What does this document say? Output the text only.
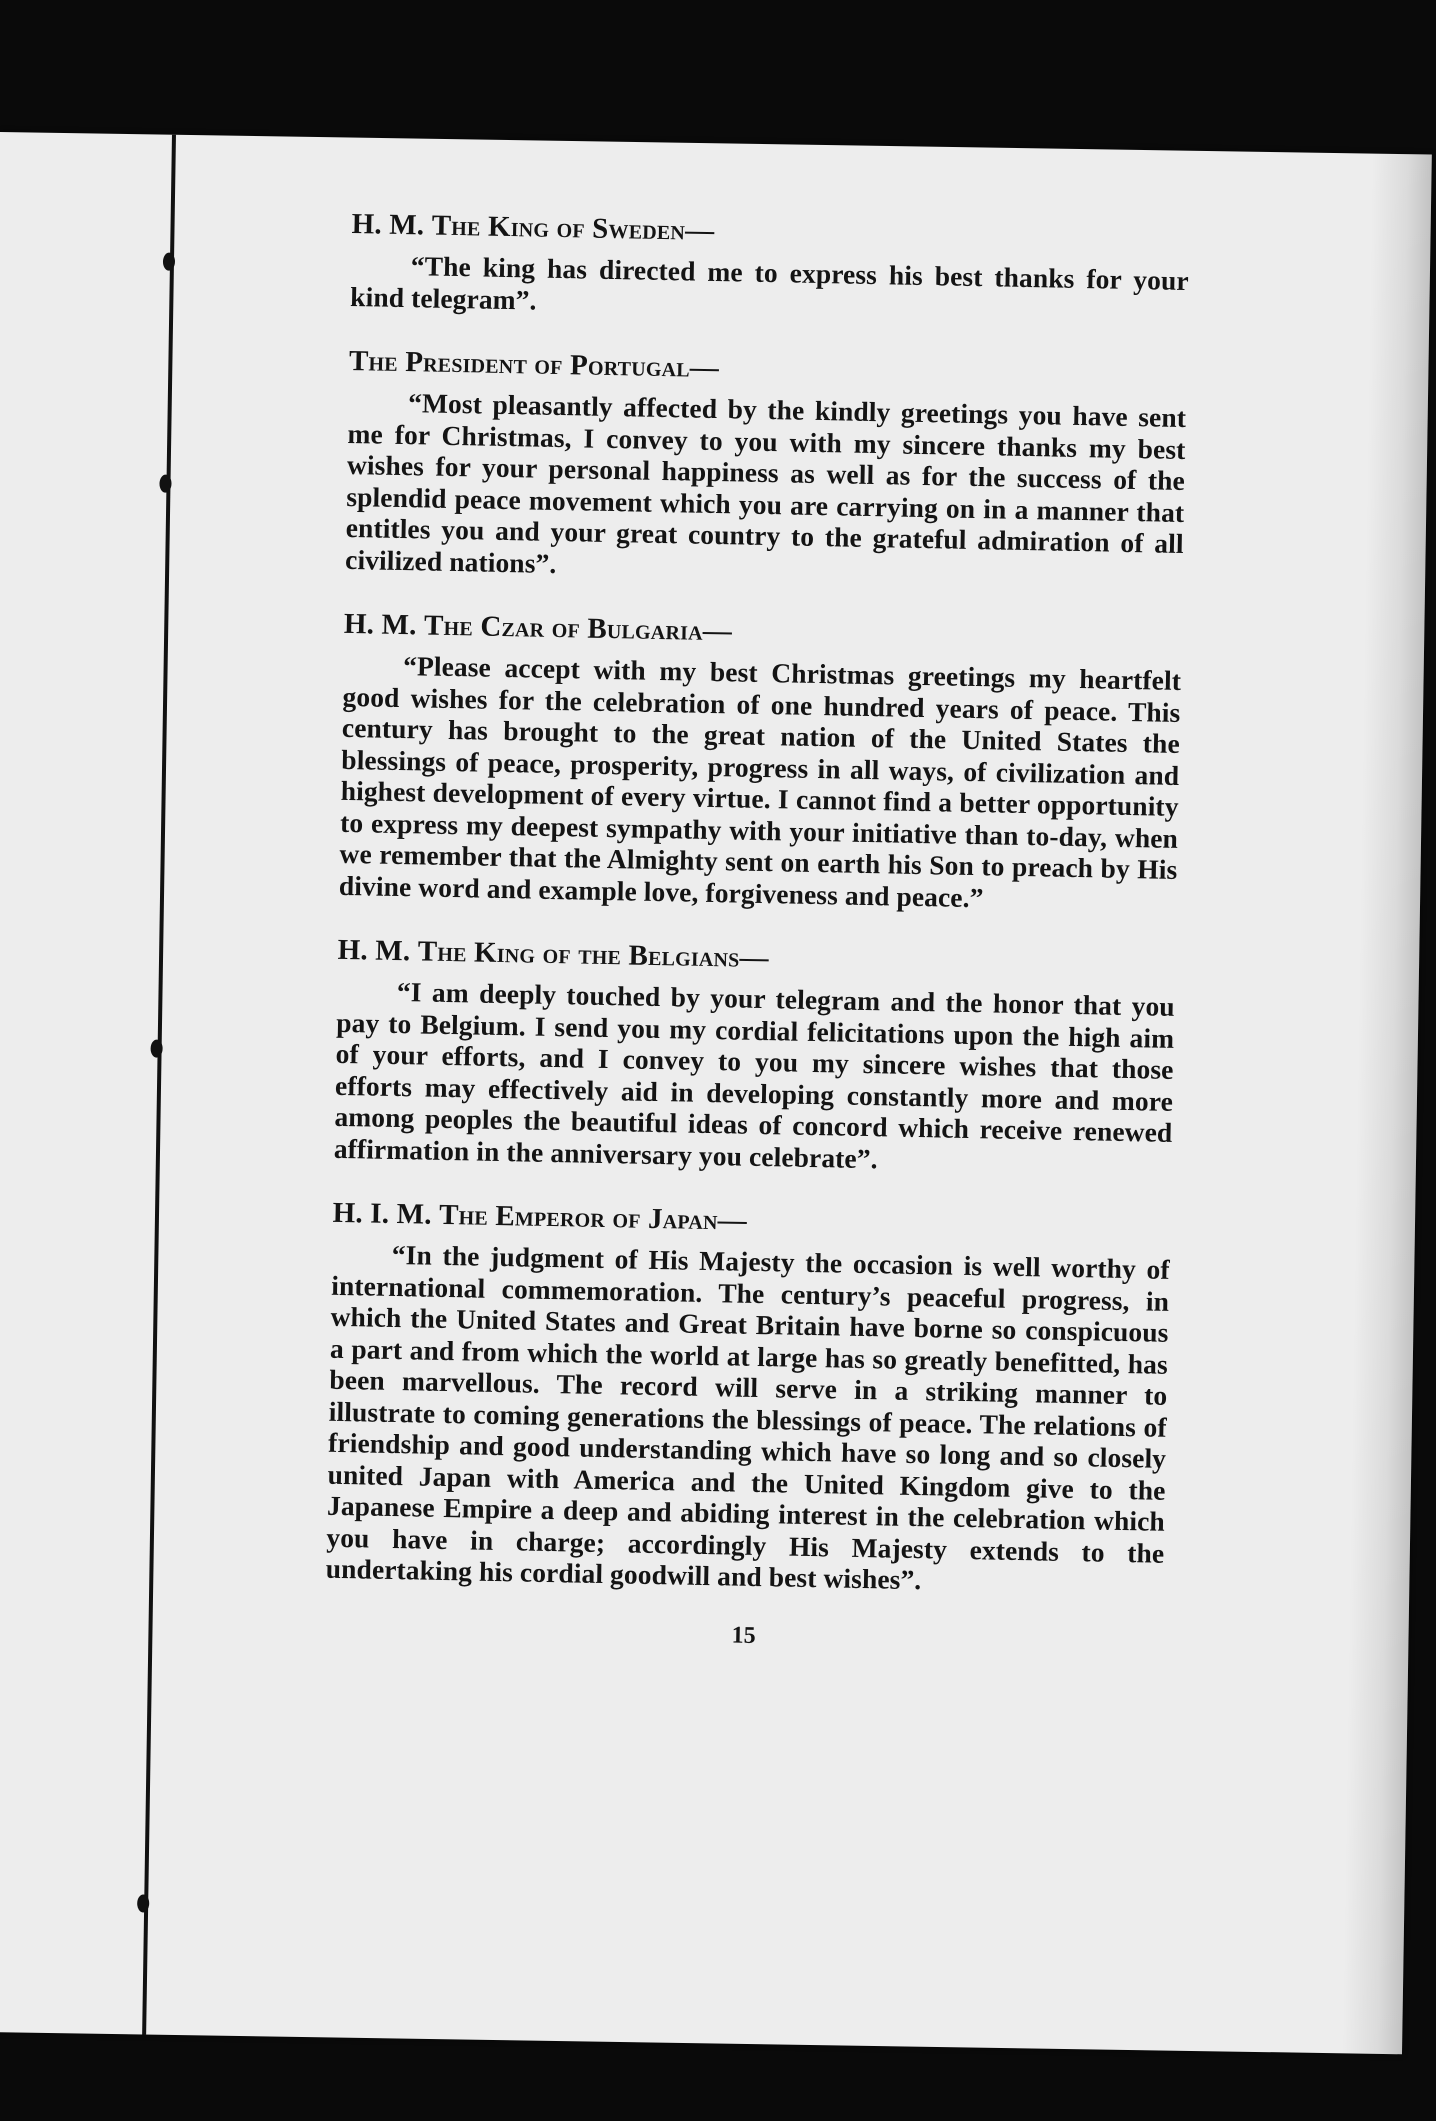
H. M. The King of Sweden—

“The king has directed me to express his best thanks for your kind telegram”.

The President of Portugal—

“Most pleasantly affected by the kindly greetings you have sent me for Christmas, I convey to you with my sincere thanks my best wishes for your personal happiness as well as for the success of the splendid peace movement which you are carrying on in a manner that entitles you and your great country to the grateful admiration of all civilized nations”.

H. M. The Czar of Bulgaria—

“Please accept with my best Christmas greetings my heartfelt good wishes for the celebration of one hundred years of peace. This century has brought to the great nation of the United States the blessings of peace, prosperity, progress in all ways, of civilization and highest development of every virtue. I cannot find a better opportunity to express my deepest sympathy with your initiative than to-day, when we remember that the Almighty sent on earth his Son to preach by His divine word and example love, forgiveness and peace.”

H. M. The King of the Belgians—

“I am deeply touched by your telegram and the honor that you pay to Belgium. I send you my cordial felicitations upon the high aim of your efforts, and I convey to you my sincere wishes that those efforts may effectively aid in developing constantly more and more among peoples the beautiful ideas of concord which receive renewed affirmation in the anniversary you celebrate”.

H. I. M. The Emperor of Japan—

“In the judgment of His Majesty the occasion is well worthy of international commemoration. The century’s peaceful progress, in which the United States and Great Britain have borne so conspicuous a part and from which the world at large has so greatly benefitted, has been marvellous. The record will serve in a striking manner to illustrate to coming generations the blessings of peace. The relations of friendship and good understanding which have so long and so closely united Japan with America and the United Kingdom give to the Japanese Empire a deep and abiding interest in the celebration which you have in charge; accordingly His Majesty extends to the undertaking his cordial goodwill and best wishes”.

15
